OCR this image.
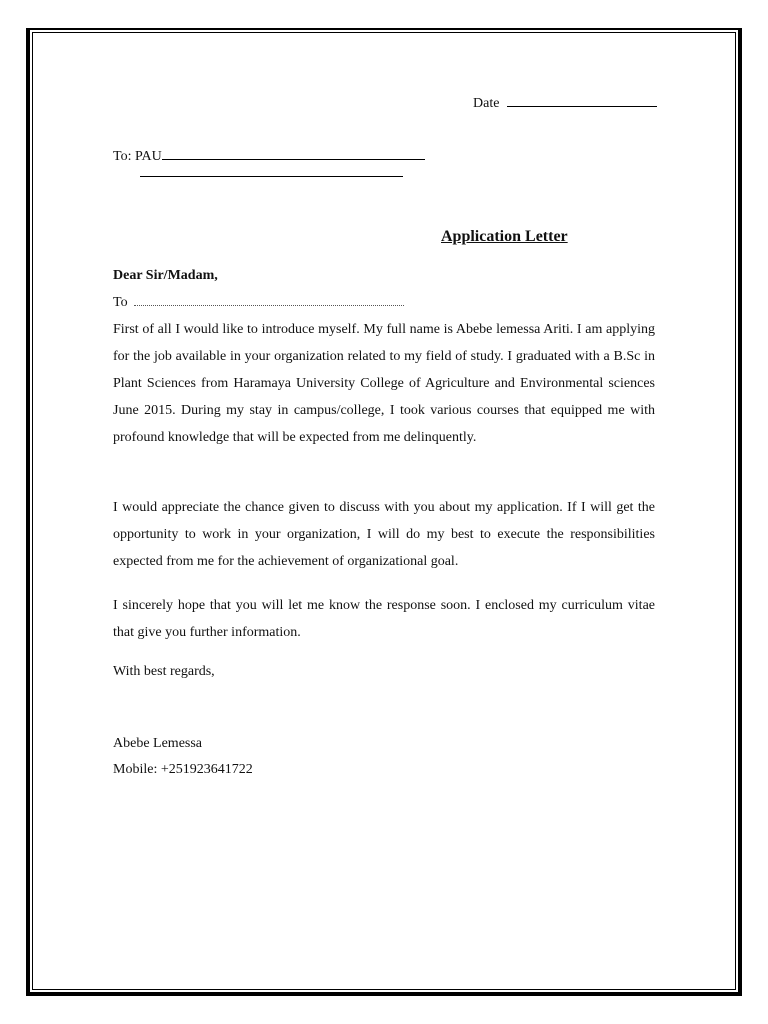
Date
To: PAU
Application Letter
Dear Sir/Madam,
To

First of all I would like to introduce myself. My full name is Abebe lemessa Ariti. I am applying for the job available in your organization related to my field of study. I graduated with a B.Sc in Plant Sciences from Haramaya University College of Agriculture and Environmental sciences June 2015. During my stay in campus/college, I took various courses that equipped me with profound knowledge that will be expected from me delinquently.

I would appreciate the chance given to discuss with you about my application. If I will get the opportunity to work in your organization, I will do my best to execute the responsibilities expected from me for the achievement of organizational goal.

I sincerely hope that you will let me know the response soon. I enclosed my curriculum vitae that give you further information.

With best regards,
Abebe Lemessa
Mobile: +251923641722
